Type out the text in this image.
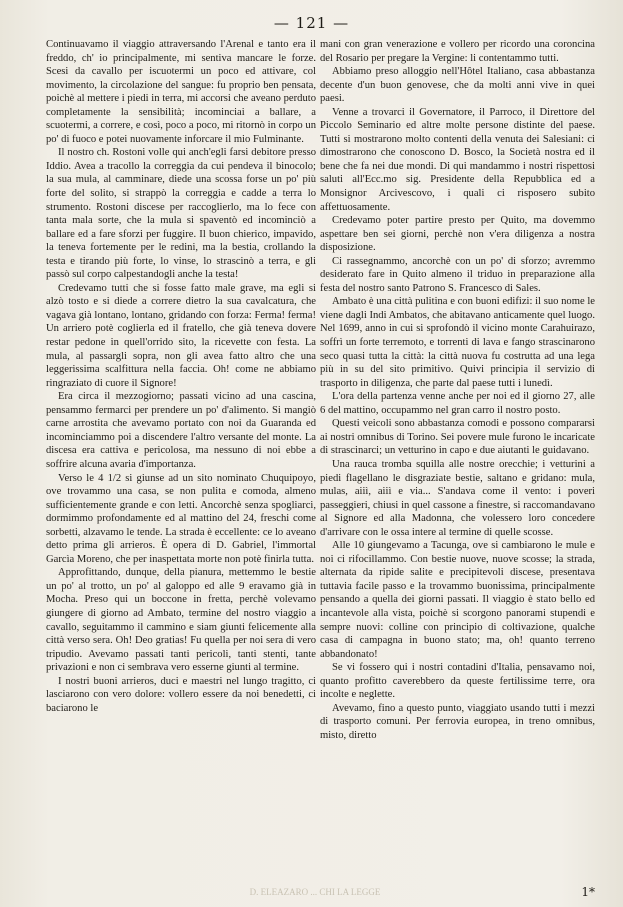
— 121 —

Continuavamo il viaggio attraversando l'Arenal e tanto era il freddo, ch' io principalmente, mi sentiva mancare le forze. Scesi da cavallo per iscuotermi un poco ed attivare, col movimento, la circolazione del sangue: fu proprio ben pensata, poichè al mettere i piedi in terra, mi accorsi che aveano perduto completamente la sensibilità; incominciai a ballare, a scuotermi, a correre, e così, poco a poco, mi ritornò in corpo un po' di fuoco e potei nuovamente inforcare il mio Fulminante.

Il nostro ch. Rostoni volle qui anch'egli farsi debitore presso Iddio. Avea a tracollo la correggia da cui pendeva il binocolo; la sua mula, al camminare, diede una scossa forse un po' più forte del solito, si strappò la correggia e cadde a terra lo strumento. Rostoni discese per raccoglierlo, ma lo fece con tanta mala sorte, che la mula si spaventò ed incominciò a ballare ed a fare sforzi per fuggire. Il buon chierico, impavido, la teneva fortemente per le redini, ma la bestia, crollando la testa e tirando più forte, lo vinse, lo strascinò a terra, e gli passò sul corpo calpestandogli anche la testa!

Credevamo tutti che si fosse fatto male grave, ma egli si alzò tosto e si diede a correre dietro la sua cavalcatura, che vagava già lontano, lontano, gridando con forza: Ferma! ferma! Un arriero potè coglierla ed il fratello, che già teneva dovere restar pedone in quell'orrido sito, la ricevette con festa. La mula, al passargli sopra, non gli avea fatto altro che una leggerissima scalfittura nella faccia. Oh! come ne abbiamo ringraziato di cuore il Signore!

Era circa il mezzogiorno; passati vicino ad una cascina, pensammo fermarci per prendere un po' d'alimento. Si mangiò carne arrostita che avevamo portato con noi da Guaranda ed incominciammo poi a discendere l'altro versante del monte. La discesa era cattiva e pericolosa, ma nessuno di noi ebbe a soffrire alcuna avaria d'importanza.

Verso le 4 1/2 si giunse ad un sito nominato Chuquipoyo, ove trovammo una casa, se non pulita e comoda, almeno sufficientemente grande e con letti. Ancorchè senza spogliarci, dormimmo profondamente ed al mattino del 24, freschi come sorbetti, alzavamo le tende. La strada è eccellente: ce lo aveano detto prima gli arrieros. È opera di D. Gabriel, l'immortal Garcìa Moreno, che per inaspettata morte non potè finirla tutta.

Approfittando, dunque, della pianura, mettemmo le bestie un po' al trotto, un po' al galoppo ed alle 9 eravamo già in Mocha. Preso qui un boccone in fretta, perchè volevamo giungere di giorno ad Ambato, termine del nostro viaggio a cavallo, seguitammo il cammino e siam giunti felicemente alla città verso sera. Oh! Deo gratias! Fu quella per noi sera di vero tripudio. Avevamo passati tanti pericoli, tanti stenti, tante privazioni e non ci sembrava vero esserne giunti al termine.

I nostri buoni arrieros, duci e maestri nel lungo tragitto, ci lasciarono con vero dolore: vollero essere da noi benedetti, ci baciarono le

mani con gran venerazione e vollero per ricordo una coroncina del Rosario per pregare la Vergine: li contentammo tutti.

Abbiamo preso alloggio nell'Hôtel Italiano, casa abbastanza decente d'un buon genovese, che da molti anni vive in quei paesi.

Venne a trovarci il Governatore, il Parroco, il Direttore del Piccolo Seminario ed altre molte persone distinte del paese. Tutti si mostrarono molto contenti della venuta dei Salesiani: ci dimostrarono che conoscono D. Bosco, la Società nostra ed il bene che fa nei due mondi. Di qui mandammo i nostri rispettosi saluti all'Ecc.mo sig. Presidente della Repubblica ed a Monsignor Arcivescovo, i quali ci risposero subito affettuosamente.

Credevamo poter partire presto per Quito, ma dovemmo aspettare ben sei giorni, perchè non v'era diligenza a nostra disposizione.

Ci rassegnammo, ancorchè con un po' di sforzo; avremmo desiderato fare in Quito almeno il triduo in preparazione alla festa del nostro santo Patrono S. Francesco di Sales.

Ambato è una città pulitina e con buoni edifizi: il suo nome le viene dagli Indi Ambatos, che abitavano anticamente quel luogo. Nel 1699, anno in cui si sprofondò il vicino monte Carahuirazo, soffrì un forte terremoto, e torrenti di lava e fango strascinarono seco quasi tutta la città: la città nuova fu costrutta ad una lega più in su del sito primitivo. Quivi principia il servizio di trasporto in diligenza, che parte dal paese tutti i lunedì.

L'ora della partenza venne anche per noi ed il giorno 27, alle 6 del mattino, occupammo nel gran carro il nostro posto.

Questi veicoli sono abbastanza comodi e possono compararsi ai nostri omnibus di Torino. Sei povere mule furono le incaricate di strascinarci; un vetturino in capo e due aiutanti le guidavano.

Una rauca tromba squilla alle nostre orecchie; i vetturini a piedi flagellano le disgraziate bestie, saltano e gridano: mula, mulas, aiiì, aiiì e via... S'andava come il vento: i poveri passeggieri, chiusi in quel cassone a finestre, si raccomandavano al Signore ed alla Madonna, che volessero loro concedere d'arrivare con le ossa intere al termine di quelle scosse.

Alle 10 giungevamo a Tacunga, ove si cambiarono le mule e noi ci rifocillammo. Con bestie nuove, nuove scosse; la strada, alternata da ripide salite e precipitevoli discese, presentava tuttavia facile passo e la trovammo buonissima, principalmente pensando a quella dei giorni passati. Il viaggio è stato bello ed incantevole alla vista, poichè si scorgono panorami stupendi e sempre nuovi: colline con principio di coltivazione, qualche casa di campagna in buono stato; ma, oh! quanto terreno abbandonato!

Se vi fossero qui i nostri contadini d'Italia, pensavamo noi, quanto profitto caverebbero da queste fertilissime terre, ora incolte e neglette.

Avevamo, fino a questo punto, viaggiato usando tutti i mezzi di trasporto comuni. Per ferrovia europea, in treno omnibus, misto, diretto

D. ELEAZARO ... CHI LA LEGGE	1*
